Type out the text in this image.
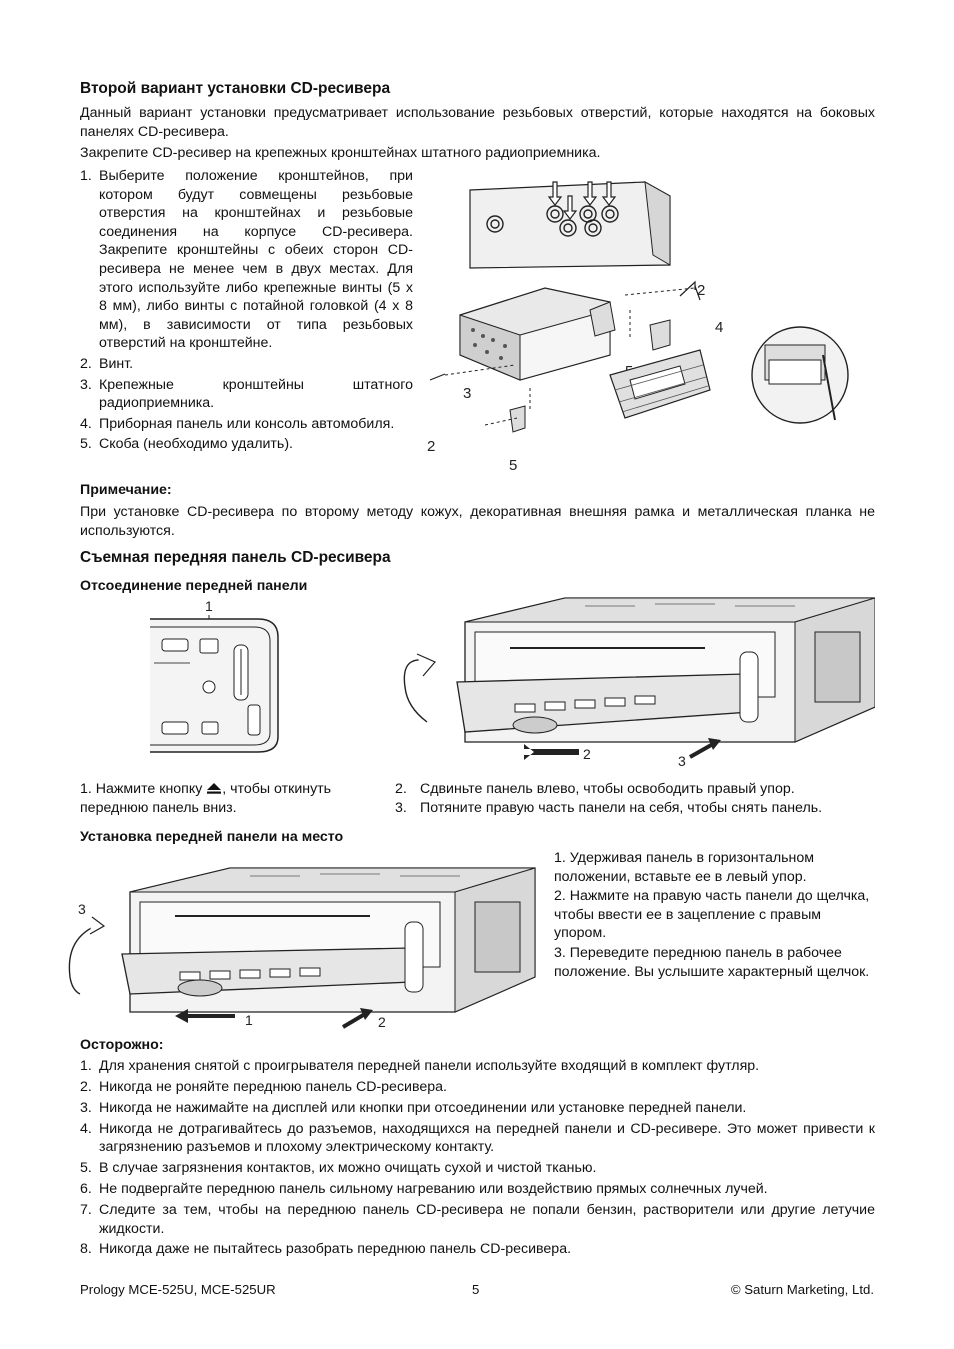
Второй вариант установки CD-ресивера

Данный вариант установки предусматривает использование резьбовых отверстий, которые находятся на боковых панелях CD-ресивера.

Закрепите CD-ресивер на крепежных кронштейнах штатного радиоприемника.

1. Выберите положение кронштейнов, при котором будут совмещены резьбовые отверстия на кронштейнах и резьбовые соединения на корпусе CD-ресивера. Закрепите кронштейны с обеих сторон CD-ресивера не менее чем в двух местах. Для этого используйте либо крепежные винты (5 x 8 мм), либо винты с потайной головкой (4 x 8 мм), в зависимости от типа резьбовых отверстий на кронштейне.
2. Винт.
3. Крепежные кронштейны штатного радиоприемника.
4. Приборная панель или консоль автомобиля.
5. Скоба (необходимо удалить).
2
4
3
2
5
Примечание:

При установке CD-ресивера по второму методу кожух, декоративная внешняя рамка и металлическая планка не используются.

Съемная передняя панель CD-ресивера
Отсоединение передней панели
1
2	3
1. Нажмите кнопку , чтобы откинуть переднюю панель вниз.
2. Сдвиньте панель влево, чтобы освободить правый упор.
3. Потяните правую часть панели на себя, чтобы снять панель.
Установка передней панели на место
3
1	2

1. Удерживая панель в горизонтальном положении, вставьте ее в левый упор.

2. Нажмите на правую часть панели до щелчка, чтобы ввести ее в зацепление с правым упором.

3. Переведите переднюю панель в рабочее положение. Вы услышите характерный щелчок.

Осторожно:
1. Для хранения снятой с проигрывателя передней панели используйте входящий в комплект футляр.
2. Никогда не роняйте переднюю панель CD-ресивера.
3. Никогда не нажимайте на дисплей или кнопки при отсоединении или установке передней панели.
4. Никогда не дотрагивайтесь до разъемов, находящихся на передней панели и CD-ресивере. Это может привести к загрязнению разъемов и плохому электрическому контакту.
5. В случае загрязнения контактов, их можно очищать сухой и чистой тканью.
6. Не подвергайте переднюю панель сильному нагреванию или воздействию прямых солнечных лучей.
7. Следите за тем, чтобы на переднюю панель CD-ресивера не попали бензин, растворители или другие летучие жидкости.
8. Никогда даже не пытайтесь разобрать переднюю панель CD-ресивера.
Prology MCE-525U, MCE-525UR	5	© Saturn Marketing, Ltd.
